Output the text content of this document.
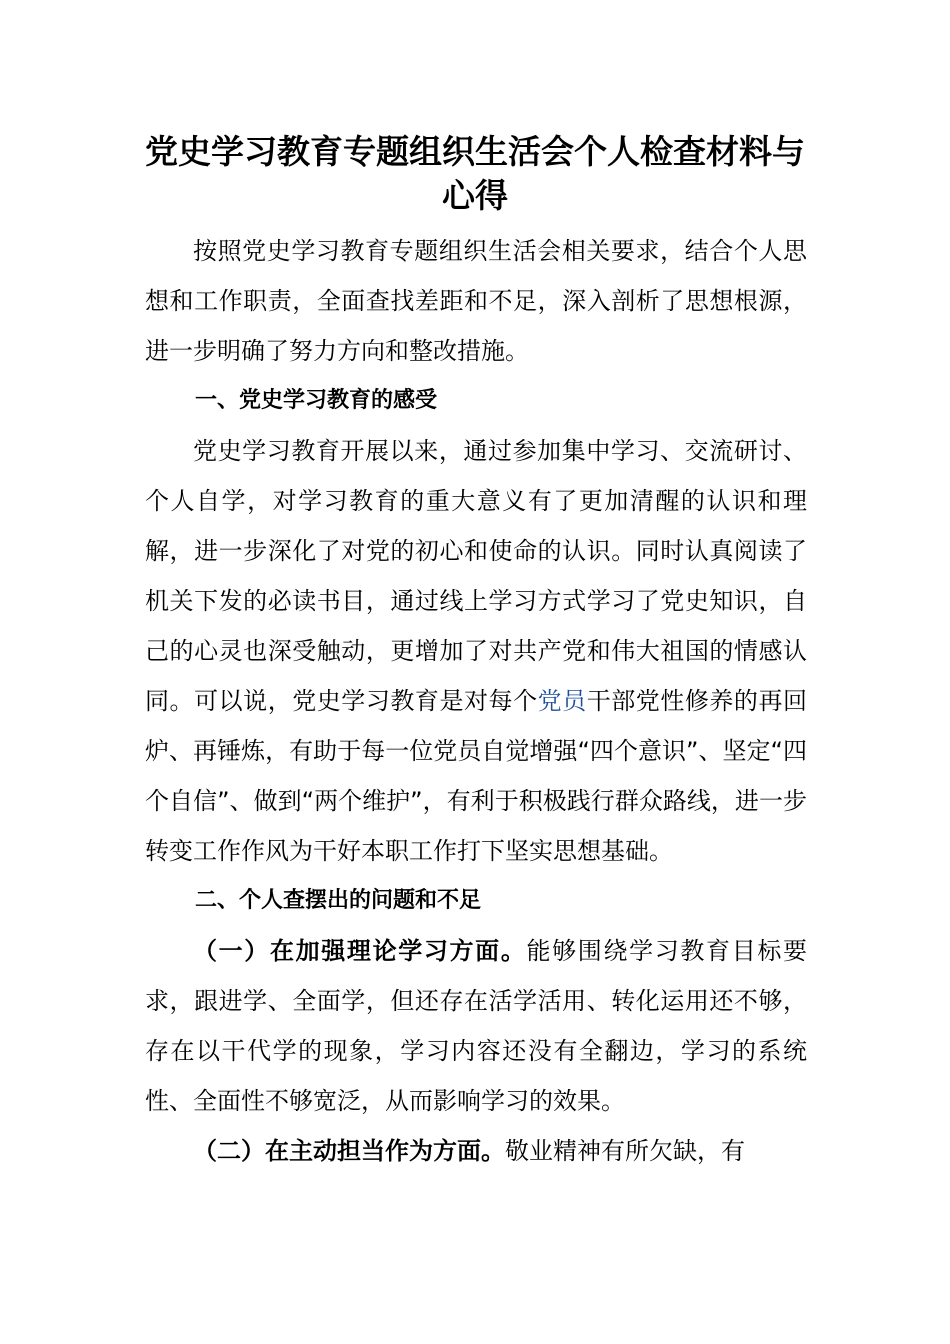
党史学习教育专题组织生活会个人检查材料与心得

按照党史学习教育专题组织生活会相关要求，结合个人思想和工作职责，全面查找差距和不足，深入剖析了思想根源，进一步明确了努力方向和整改措施。

一、党史学习教育的感受

党史学习教育开展以来，通过参加集中学习、交流研讨、个人自学，对学习教育的重大意义有了更加清醒的认识和理解，进一步深化了对党的初心和使命的认识。同时认真阅读了机关下发的必读书目，通过线上学习方式学习了党史知识，自己的心灵也深受触动，更增加了对共产党和伟大祖国的情感认同。可以说，党史学习教育是对每个党员干部党性修养的再回炉、再锤炼，有助于每一位党员自觉增强“四个意识”、坚定“四个自信”、做到“两个维护”，有利于积极践行群众路线，进一步转变工作作风为干好本职工作打下坚实思想基础。

二、个人查摆出的问题和不足

（一）在加强理论学习方面。能够围绕学习教育目标要求，跟进学、全面学，但还存在活学活用、转化运用还不够，存在以干代学的现象，学习内容还没有全翻边，学习的系统性、全面性不够宽泛，从而影响学习的效果。

（二）在主动担当作为方面。敬业精神有所欠缺，有
